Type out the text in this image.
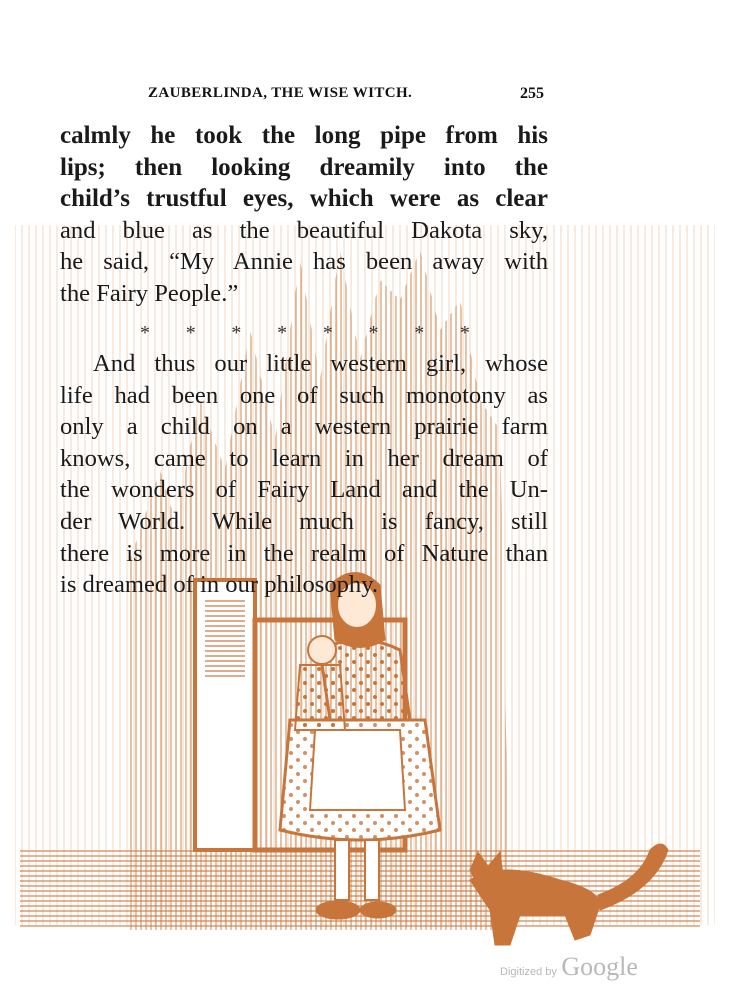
ZAUBERLINDA, THE WISE WITCH.	255
calmly he took the long pipe from his
lips; then looking dreamily into the
child’s trustful eyes, which were as clear
and blue as the beautiful Dakota sky,
he said, “My Annie has been away with
the Fairy People.”
* * * * * * * *
And thus our little western girl, whose
life had been one of such monotony as
only a child on a western prairie farm
knows, came to learn in her dream of
the wonders of Fairy Land and the Un-
der World. While much is fancy, still
there is more in the realm of Nature than
is dreamed of in our philosophy.
Digitized by Google
